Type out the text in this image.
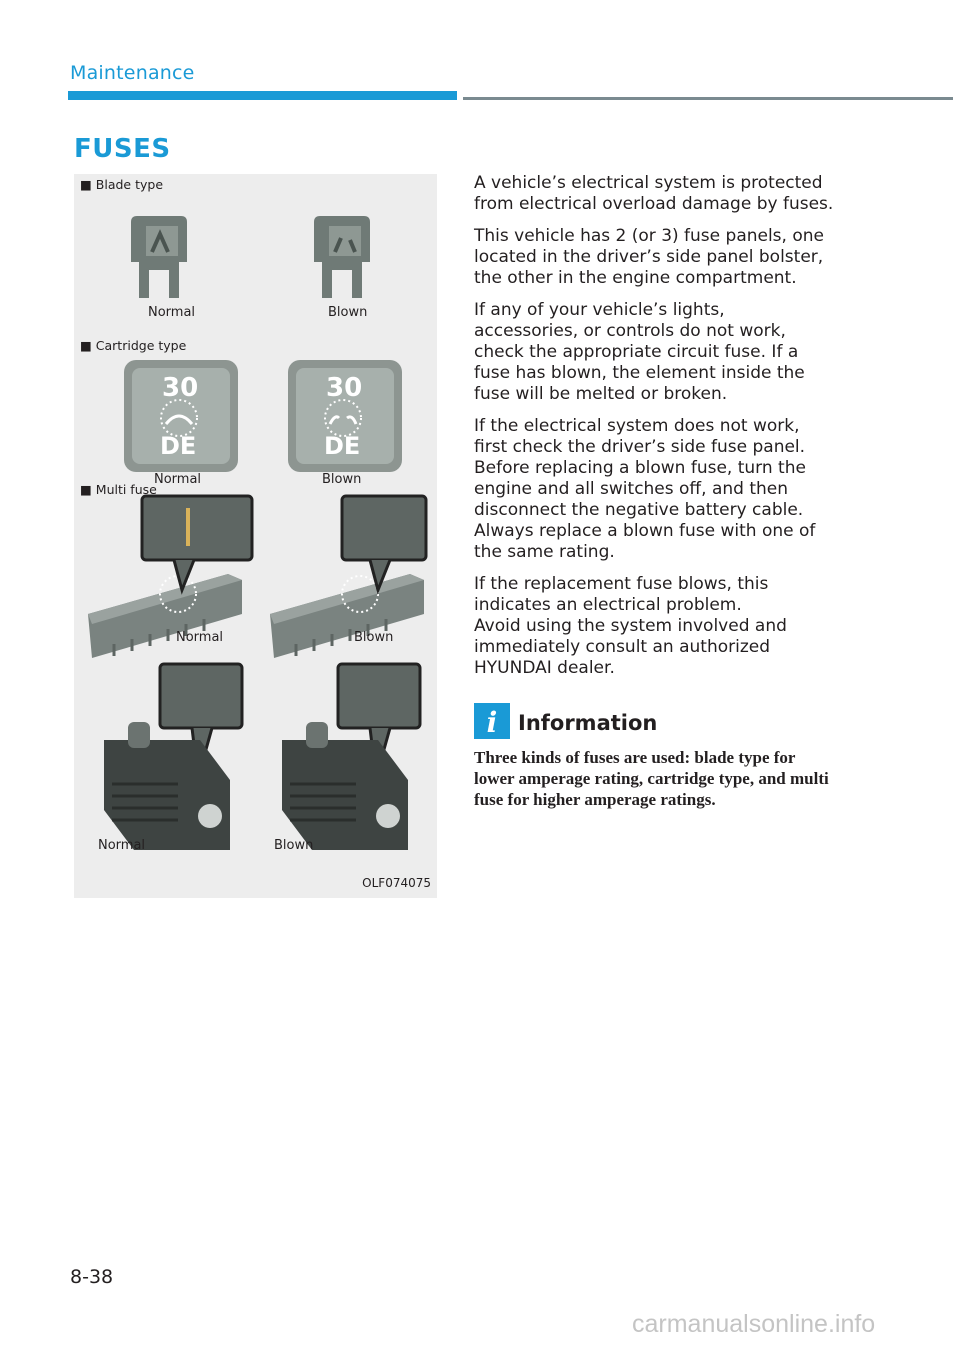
Maintenance
FUSES
30
DE
30
DE
■ Blade type
Normal	Blown
■ Cartridge type
Normal	Blown
■ Multi fuse
Normal	Blown
Normal	Blown
OLF074075

A vehicle’s electrical system is protected from electrical overload damage by fuses.

This vehicle has 2 (or 3) fuse panels, one located in the driver’s side panel bolster, the other in the engine compartment.

If any of your vehicle’s lights, accessories, or controls do not work, check the appropriate circuit fuse. If a fuse has blown, the element inside the fuse will be melted or broken.

If the electrical system does not work, first check the driver’s side fuse panel. Before replacing a blown fuse, turn the engine and all switches off, and then disconnect the negative battery cable. Always replace a blown fuse with one of the same rating.

If the replacement fuse blows, this indicates an electrical problem.

Avoid using the system involved and immediately consult an authorized HYUNDAI dealer.

i Information
Three kinds of fuses are used: blade type for lower amperage rating, cartridge type, and multi fuse for higher amperage ratings.
8-38
carmanualsonline.info
